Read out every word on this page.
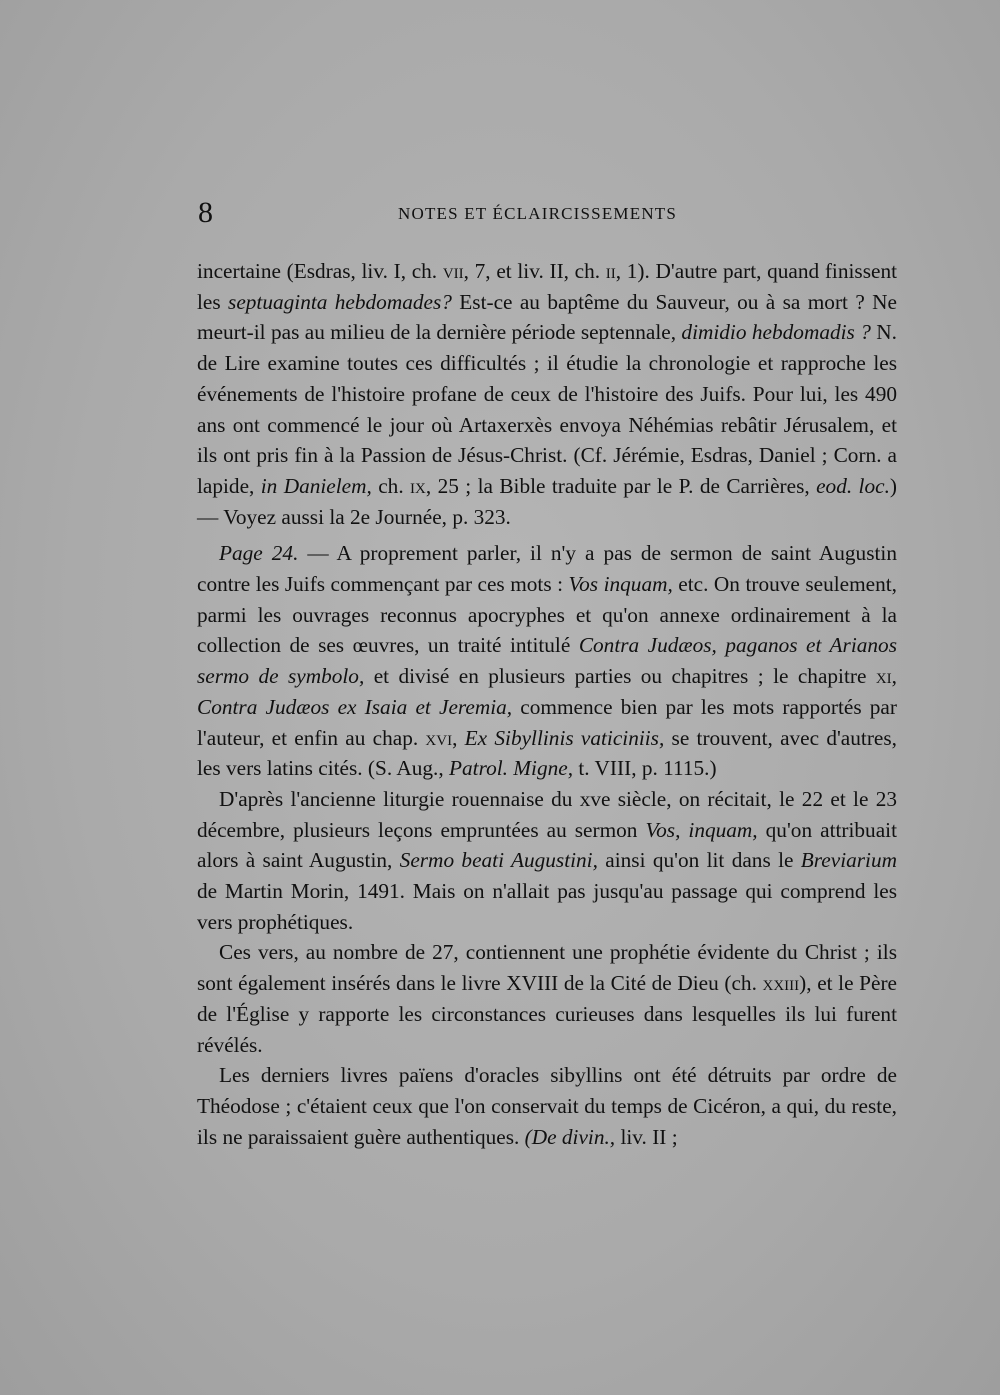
8	NOTES ET ÉCLAIRCISSEMENTS

incertaine (Esdras, liv. I, ch. vii, 7, et liv. II, ch. ii, 1). D'autre part, quand finissent les septuaginta hebdomades? Est-ce au baptême du Sauveur, ou à sa mort ? Ne meurt-il pas au milieu de la dernière période septennale, dimidio hebdomadis ? N. de Lire examine toutes ces difficultés ; il étudie la chronologie et rapproche les événements de l'histoire profane de ceux de l'histoire des Juifs. Pour lui, les 490 ans ont commencé le jour où Artaxerxès envoya Néhémias rebâtir Jérusalem, et ils ont pris fin à la Passion de Jésus-Christ. (Cf. Jérémie, Esdras, Daniel ; Corn. a lapide, in Danielem, ch. ix, 25 ; la Bible traduite par le P. de Carrières, eod. loc.) — Voyez aussi la 2e Journée, p. 323.

Page 24. — A proprement parler, il n'y a pas de sermon de saint Augustin contre les Juifs commençant par ces mots : Vos inquam, etc. On trouve seulement, parmi les ouvrages reconnus apocryphes et qu'on annexe ordinairement à la collection de ses œuvres, un traité intitulé Contra Judæos, paganos et Arianos sermo de symbolo, et divisé en plusieurs parties ou chapitres ; le chapitre xi, Contra Judæos ex Isaia et Jeremia, commence bien par les mots rapportés par l'auteur, et enfin au chap. xvi, Ex Sibyllinis vaticiniis, se trouvent, avec d'autres, les vers latins cités. (S. Aug., Patrol. Migne, t. VIII, p. 1115.)

D'après l'ancienne liturgie rouennaise du xve siècle, on récitait, le 22 et le 23 décembre, plusieurs leçons empruntées au sermon Vos, inquam, qu'on attribuait alors à saint Augustin, Sermo beati Augustini, ainsi qu'on lit dans le Breviarium de Martin Morin, 1491. Mais on n'allait pas jusqu'au passage qui comprend les vers prophétiques.

Ces vers, au nombre de 27, contiennent une prophétie évidente du Christ ; ils sont également insérés dans le livre XVIII de la Cité de Dieu (ch. xxiii), et le Père de l'Église y rapporte les circonstances curieuses dans lesquelles ils lui furent révélés.

Les derniers livres païens d'oracles sibyllins ont été détruits par ordre de Théodose ; c'étaient ceux que l'on conservait du temps de Cicéron, a qui, du reste, ils ne paraissaient guère authentiques. (De divin., liv. II ;
